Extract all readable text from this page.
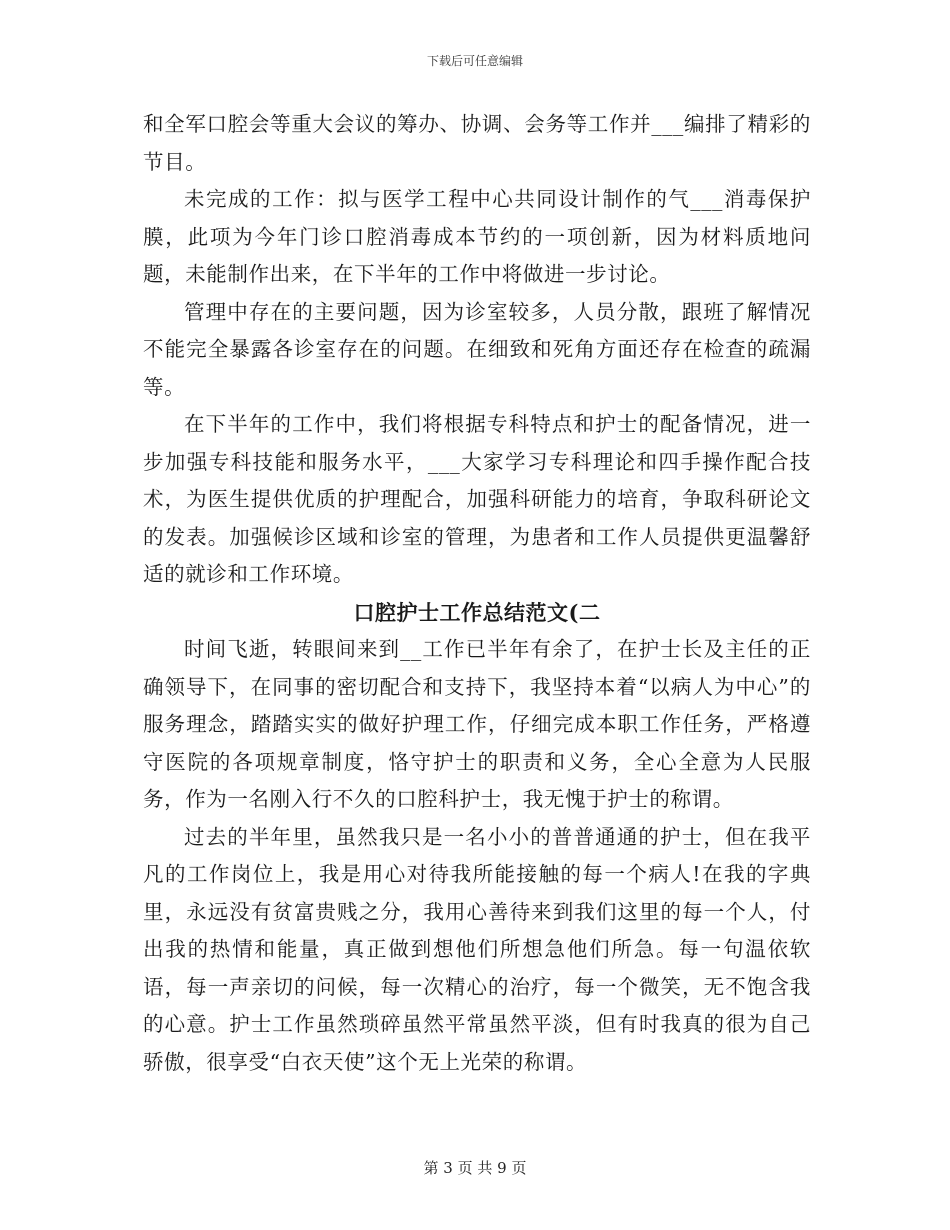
下载后可任意编辑

和全军口腔会等重大会议的筹办、协调、会务等工作并___编排了精彩的节目。

未完成的工作：拟与医学工程中心共同设计制作的气___消毒保护膜，此项为今年门诊口腔消毒成本节约的一项创新，因为材料质地问题，未能制作出来，在下半年的工作中将做进一步讨论。

管理中存在的主要问题，因为诊室较多，人员分散，跟班了解情况不能完全暴露各诊室存在的问题。在细致和死角方面还存在检查的疏漏等。

在下半年的工作中，我们将根据专科特点和护士的配备情况，进一步加强专科技能和服务水平，___大家学习专科理论和四手操作配合技术，为医生提供优质的护理配合，加强科研能力的培育，争取科研论文的发表。加强候诊区域和诊室的管理，为患者和工作人员提供更温馨舒适的就诊和工作环境。

口腔护士工作总结范文(二

时间飞逝，转眼间来到__工作已半年有余了，在护士长及主任的正确领导下，在同事的密切配合和支持下，我坚持本着“以病人为中心”的服务理念，踏踏实实的做好护理工作，仔细完成本职工作任务，严格遵守医院的各项规章制度，恪守护士的职责和义务，全心全意为人民服务，作为一名刚入行不久的口腔科护士，我无愧于护士的称谓。

过去的半年里，虽然我只是一名小小的普普通通的护士，但在我平凡的工作岗位上，我是用心对待我所能接触的每一个病人!在我的字典里，永远没有贫富贵贱之分，我用心善待来到我们这里的每一个人，付出我的热情和能量，真正做到想他们所想急他们所急。每一句温依软语，每一声亲切的问候，每一次精心的治疗，每一个微笑，无不饱含我的心意。护士工作虽然琐碎虽然平常虽然平淡，但有时我真的很为自己骄傲，很享受“白衣天使”这个无上光荣的称谓。

第 3 页 共 9 页
